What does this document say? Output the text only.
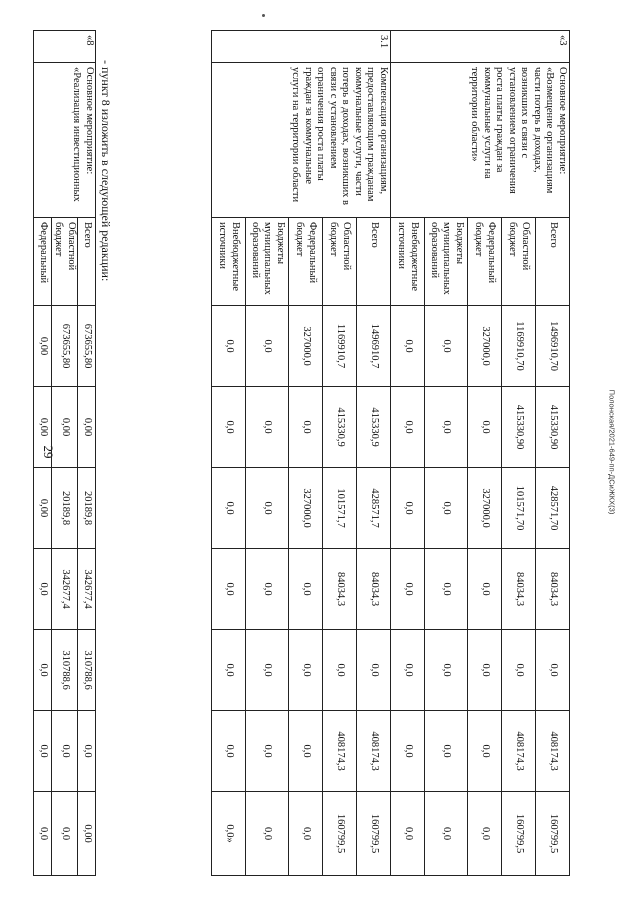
29	Полонская/2021-649-пп-ДСиЖКХ(3)
«3	Основное мероприятие: «Возмещение организациям части потерь в доходах, возникших в связи с установлением ограничения роста платы граждан за коммунальные услуги на территории области»	Всего	1496910,70	415330,90	428571,70	84034,3	0,0	408174,3	160799,5
		Областной бюджет	1169910,70	415330,90	101571,70	84034,3	0,0	408174,3	160799,5
		Федеральный бюджет	327000,0	0,0	327000,0	0,0	0,0	0,0	0,0
		Бюджеты муниципальных образований	0,0	0,0	0,0	0,0	0,0	0,0	0,0
		Внебюджетные источники	0,0	0,0	0,0	0,0	0,0	0,0	0,0
3.1	Компенсация организациям, предоставляющим гражданам коммунальные услуги, части потерь в доходах, возникших в связи с установлением ограничения роста платы граждан за коммунальные услуги на территории области	Всего	1496910,7	415330,9	428571,7	84034,3	0,0	408174,3	160799,5
		Областной бюджет	1169910,7	415330,9	101571,7	84034,3	0,0	408174,3	160799,5
		Федеральный бюджет	327000,0	0,0	327000,0	0,0	0,0	0,0	0,0
		Бюджеты муниципальных образований	0,0	0,0	0,0	0,0	0,0	0,0	0,0
		Внебюджетные источники	0,0	0,0	0,0	0,0	0,0	0,0	0,0»
- пункт 8 изложить в следующей редакции:
«8	Основное мероприятие: «Реализация инвестиционных	Всего	673655,80	0,00	20189,8	342677,4	310788,6	0,0	0,00
		Областной бюджет	673655,80	0,00	20189,8	342677,4	310788,6	0,0	0,0
		Федеральный	0,00	0,00	0,00	0,0	0,0	0,0	0,0
